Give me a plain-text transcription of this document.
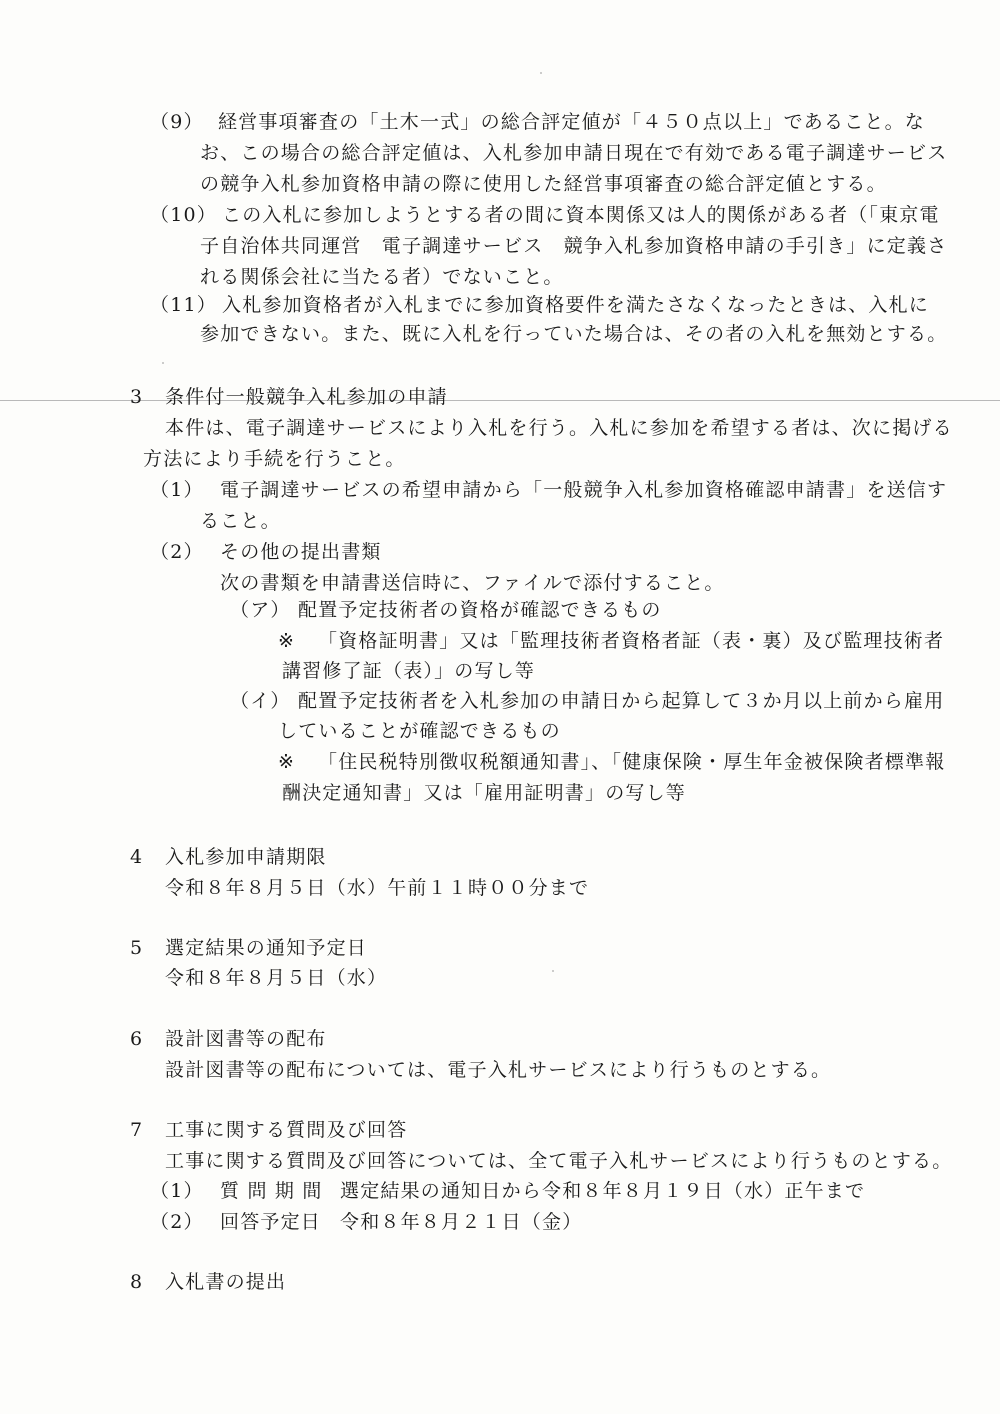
（9） 経営事項審査の「土木一式」の総合評定値が「４５０点以上」であること。な
お、この場合の総合評定値は、入札参加申請日現在で有効である電子調達サービス
の競争入札参加資格申請の際に使用した経営事項審査の総合評定値とする。
（10） この入札に参加しようとする者の間に資本関係又は人的関係がある者（「東京電
子自治体共同運営　電子調達サービス　競争入札参加資格申請の手引き」に定義さ
れる関係会社に当たる者）でないこと。
（11） 入札参加資格者が入札までに参加資格要件を満たさなくなったときは、入札に
参加できない。また、既に入札を行っていた場合は、その者の入札を無効とする。
3 条件付一般競争入札参加の申請
本件は、電子調達サービスにより入札を行う。入札に参加を希望する者は、次に掲げる
方法により手続を行うこと。
（1） 電子調達サービスの希望申請から「一般競争入札参加資格確認申請書」を送信す
ること。
（2） その他の提出書類
次の書類を申請書送信時に、ファイルで添付すること。
（ア） 配置予定技術者の資格が確認できるもの
※ 「資格証明書」又は「監理技術者資格者証（表・裏）及び監理技術者
講習修了証（表）」の写し等
（イ） 配置予定技術者を入札参加の申請日から起算して３か月以上前から雇用
していることが確認できるもの
※ 「住民税特別徴収税額通知書」、「健康保険・厚生年金被保険者標準報
酬決定通知書」又は「雇用証明書」の写し等
4 入札参加申請期限
令和８年８月５日（水）午前１１時００分まで
5 選定結果の通知予定日
令和８年８月５日（水）
6 設計図書等の配布
設計図書等の配布については、電子入札サービスにより行うものとする。
7 工事に関する質問及び回答
工事に関する質問及び回答については、全て電子入札サービスにより行うものとする。
（1） 質 問 期 間 選定結果の通知日から令和８年８月１９日（水）正午まで
（2） 回答予定日 令和８年８月２１日（金）
8 入札書の提出
